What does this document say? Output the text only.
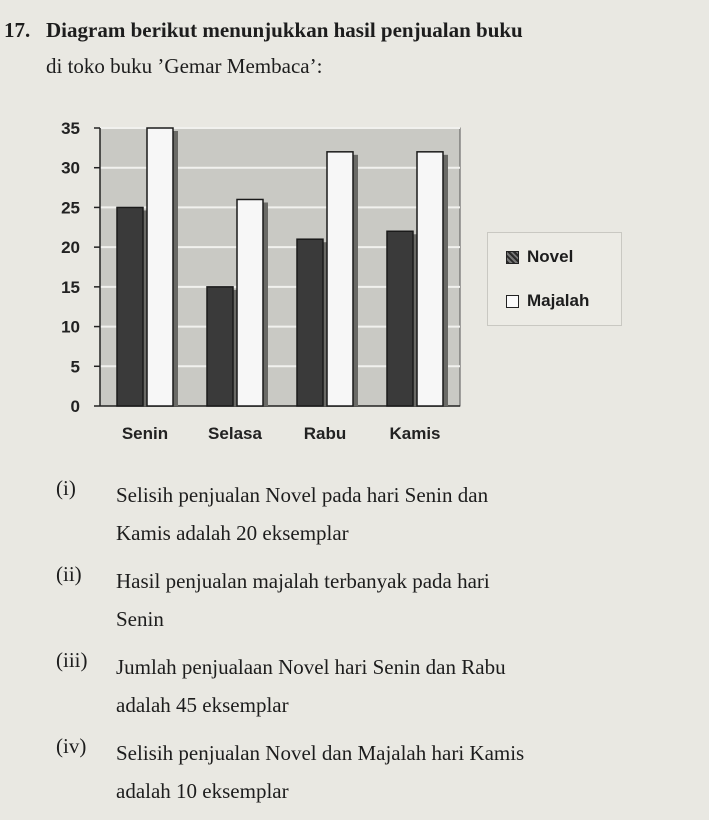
17. Diagram berikut menunjukkan hasil penjualan buku
di toko buku ’Gemar Membaca’:
0
5
10
15
20
25
30
35
Senin Selasa Rabu	Kamis
Novel
Majalah
(i)	Selisih penjualan Novel pada hari Senin dan
Kamis adalah 20 eksemplar
(ii)	Hasil penjualan majalah terbanyak pada hari
Senin
(iii)	Jumlah penjualaan Novel hari Senin dan Rabu
adalah 45 eksemplar
(iv)	Selisih penjualan Novel dan Majalah hari Kamis
adalah 10 eksemplar
